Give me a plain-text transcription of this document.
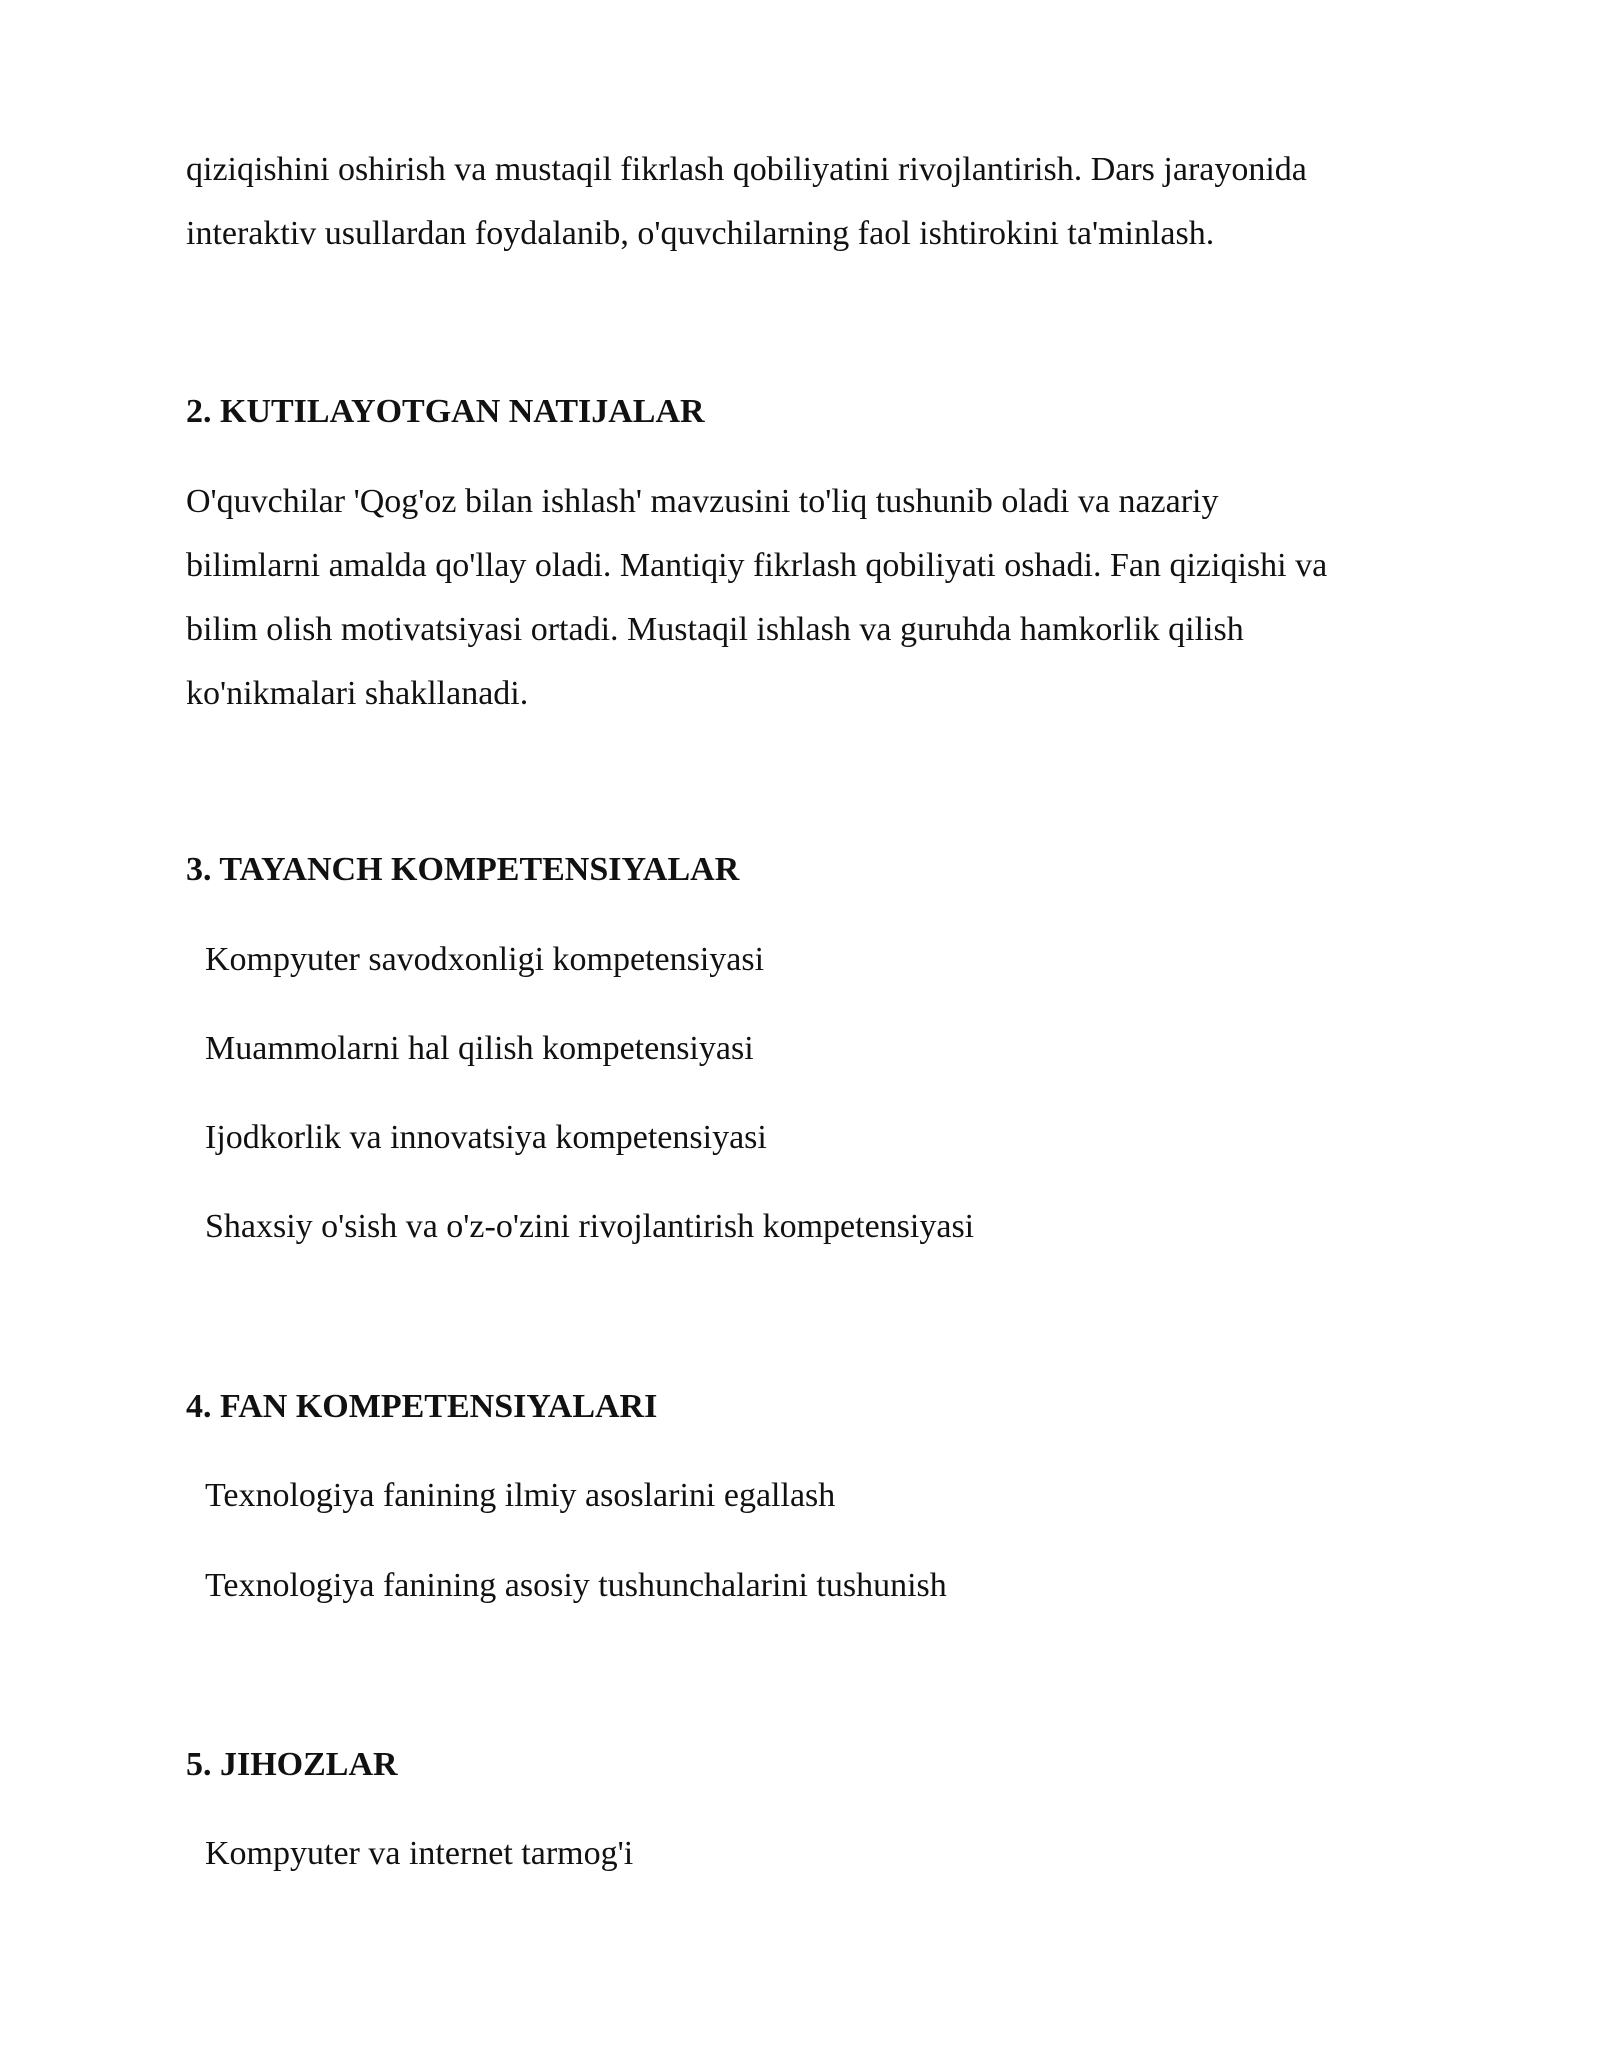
qiziqishini oshirish va mustaqil fikrlash qobiliyatini rivojlantirish. Dars jarayonida
interaktiv usullardan foydalanib, o'quvchilarning faol ishtirokini ta'minlash.

2. KUTILAYOTGAN NATIJALAR

O'quvchilar 'Qog'oz bilan ishlash' mavzusini to'liq tushunib oladi va nazariy
bilimlarni amalda qo'llay oladi. Mantiqiy fikrlash qobiliyati oshadi. Fan qiziqishi va
bilim olish motivatsiyasi ortadi. Mustaqil ishlash va guruhda hamkorlik qilish
ko'nikmalari shakllanadi.

3. TAYANCH KOMPETENSIYALAR

Kompyuter savodxonligi kompetensiyasi

Muammolarni hal qilish kompetensiyasi

Ijodkorlik va innovatsiya kompetensiyasi

Shaxsiy o'sish va o'z-o'zini rivojlantirish kompetensiyasi

4. FAN KOMPETENSIYALARI

Texnologiya fanining ilmiy asoslarini egallash

Texnologiya fanining asosiy tushunchalarini tushunish

5. JIHOZLAR

Kompyuter va internet tarmog'i
